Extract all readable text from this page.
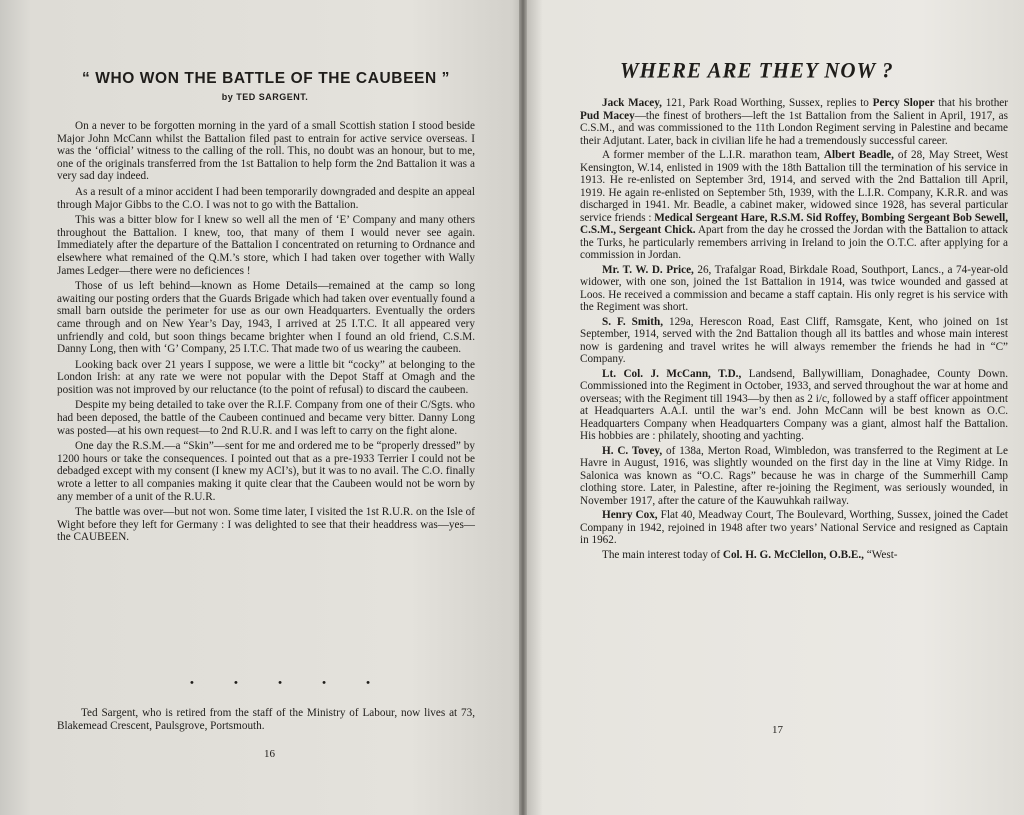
“ WHO WON THE BATTLE OF THE CAUBEEN ”
by TED SARGENT.

On a never to be forgotten morning in the yard of a small Scottish station I stood beside Major John McCann whilst the Battalion filed past to entrain for active service overseas. I was the ‘official’ witness to the calling of the roll. This, no doubt was an honour, but to me, one of the originals transferred from the 1st Battalion to help form the 2nd Battalion it was a very sad day indeed.

As a result of a minor accident I had been temporarily downgraded and despite an appeal through Major Gibbs to the C.O. I was not to go with the Battalion.

This was a bitter blow for I knew so well all the men of ‘E’ Company and many others throughout the Battalion. I knew, too, that many of them I would never see again. Immediately after the departure of the Battalion I concentrated on returning to Ordnance and elsewhere what remained of the Q.M.’s store, which I had taken over together with Wally James Ledger—there were no deficiences !

Those of us left behind—known as Home Details—remained at the camp so long awaiting our posting orders that the Guards Brigade which had taken over eventually found a small barn outside the perimeter for use as our own Headquarters. Eventually the orders came through and on New Year’s Day, 1943, I arrived at 25 I.T.C. It all appeared very unfriendly and cold, but soon things became brighter when I found an old friend, C.S.M. Danny Long, then with ‘G’ Company, 25 I.T.C. That made two of us wearing the caubeen.

Looking back over 21 years I suppose, we were a little bit “cocky” at belonging to the London Irish: at any rate we were not popular with the Depot Staff at Omagh and the position was not improved by our reluctance (to the point of refusal) to discard the caubeen.

Despite my being detailed to take over the R.I.F. Company from one of their C/Sgts. who had been deposed, the battle of the Caubeen continued and became very bitter. Danny Long was posted—at his own request—to 2nd R.U.R. and I was left to carry on the fight alone.

One day the R.S.M.—a “Skin”—sent for me and ordered me to be “properly dressed” by 1200 hours or take the consequences. I pointed out that as a pre-1933 Terrier I could not be debadged except with my consent (I knew my ACI’s), but it was to no avail. The C.O. finally wrote a letter to all companies making it quite clear that the Caubeen would not be worn by any member of a unit of the R.U.R.

The battle was over—but not won. Some time later, I visited the 1st R.U.R. on the Isle of Wight before they left for Germany : I was delighted to see that their headdress was—yes—the CAUBEEN.

•	•	•	•	•

Ted Sargent, who is retired from the staff of the Ministry of Labour, now lives at 73, Blakemead Crescent, Paulsgrove, Portsmouth.

16
WHERE ARE THEY NOW ?

Jack Macey, 121, Park Road Worthing, Sussex, replies to Percy Sloper that his brother Pud Macey—the finest of brothers—left the 1st Battalion from the Salient in April, 1917, as C.S.M., and was commissioned to the 11th London Regiment serving in Palestine and became their Adjutant. Later, back in civilian life he had a tremendously successful career.

A former member of the L.I.R. marathon team, Albert Beadle, of 28, May Street, West Kensington, W.14, enlisted in 1909 with the 18th Battalion till the termination of his service in 1913. He re-enlisted on September 3rd, 1914, and served with the 2nd Battalion till April, 1919. He again re-enlisted on September 5th, 1939, with the L.I.R. Company, K.R.R. and was discharged in 1941. Mr. Beadle, a cabinet maker, widowed since 1928, has several particular service friends : Medical Sergeant Hare, R.S.M. Sid Roffey, Bombing Sergeant Bob Sewell, C.S.M., Sergeant Chick. Apart from the day he crossed the Jordan with the Battalion to attack the Turks, he particularly remembers arriving in Ireland to join the O.T.C. after applying for a commission in Jordan.

Mr. T. W. D. Price, 26, Trafalgar Road, Birkdale Road, Southport, Lancs., a 74-year-old widower, with one son, joined the 1st Battalion in 1914, was twice wounded and gassed at Loos. He received a commission and became a staff captain. His only regret is his service with the Regiment was short.

S. F. Smith, 129a, Herescon Road, East Cliff, Ramsgate, Kent, who joined on 1st September, 1914, served with the 2nd Battalion though all its battles and whose main interest now is gardening and travel writes he will always remember the friends he had in “C” Company.

Lt. Col. J. McCann, T.D., Landsend, Ballywilliam, Donaghadee, County Down. Commissioned into the Regiment in October, 1933, and served throughout the war at home and overseas; with the Regiment till 1943—by then as 2 i/c, followed by a staff officer appointment at Headquarters A.A.I. until the war’s end. John McCann will be best known as O.C. Headquarters Company when Headquarters Company was a giant, almost half the Battalion. His hobbies are : philately, shooting and yachting.

H. C. Tovey, of 138a, Merton Road, Wimbledon, was transferred to the Regiment at Le Havre in August, 1916, was slightly wounded on the first day in the line at Vimy Ridge. In Salonica was known as “O.C. Rags” because he was in charge of the Summerhill Camp clothing store. Later, in Palestine, after re-joining the Regiment, was seriously wounded, in November 1917, after the cature of the Kauwuhkah railway.

Henry Cox, Flat 40, Meadway Court, The Boulevard, Worthing, Sussex, joined the Cadet Company in 1942, rejoined in 1948 after two years’ National Service and resigned as Captain in 1962.

The main interest today of Col. H. G. McClellon, O.B.E., “West-

17
